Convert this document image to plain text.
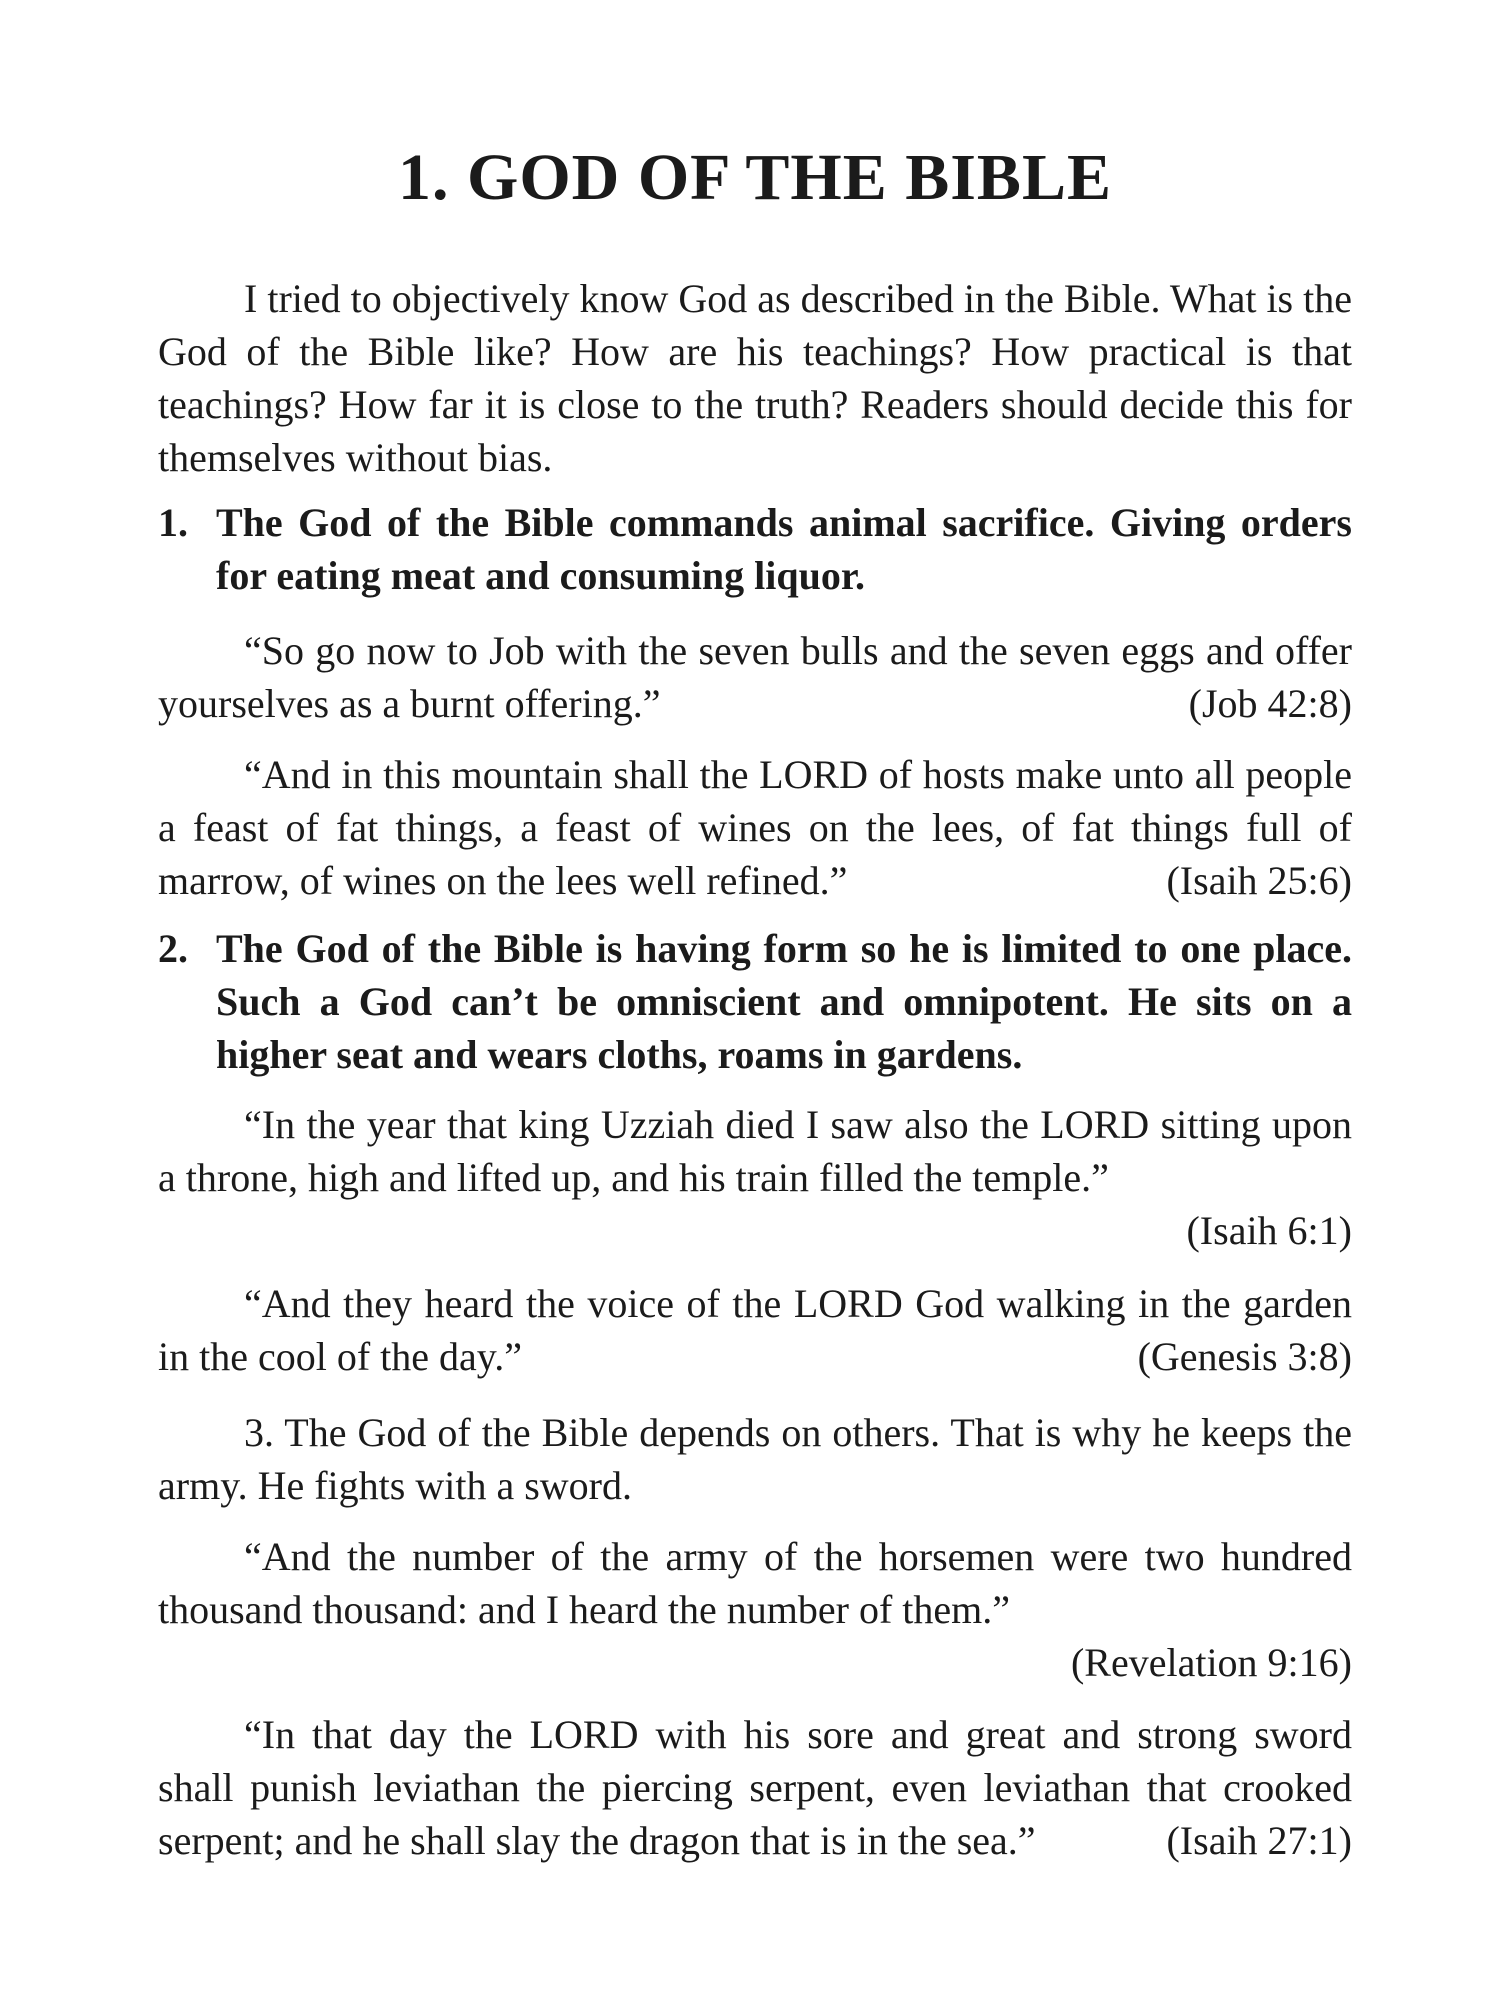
1. GOD OF THE BIBLE

I tried to objectively know God as described in the Bible. What is the God of the Bible like? How are his teachings? How practical is that teachings? How far it is close to the truth? Readers should decide this for themselves without bias.

1. The God of the Bible commands animal sacrifice. Giving orders for eating meat and consuming liquor.

“So go now to Job with the seven bulls and the seven eggs and offer yourselves as a burnt offering.”	(Job 42:8)

“And in this mountain shall the LORD of hosts make unto all people a feast of fat things, a feast of wines on the lees, of fat things full of marrow, of wines on the lees well refined.”	(Isaih 25:6)

2. The God of the Bible is having form so he is limited to one place. Such a God can’t be omniscient and omnipotent. He sits on a higher seat and wears cloths, roams in gardens.

“In the year that king Uzziah died I saw also the LORD sitting upon a throne, high and lifted up, and his train filled the temple.”
(Isaih 6:1)

“And they heard the voice of the LORD God walking in the garden in the cool of the day.”	(Genesis 3:8)

3. The God of the Bible depends on others. That is why he keeps the army. He fights with a sword.

“And the number of the army of the horsemen were two hundred thousand thousand: and I heard the number of them.”
(Revelation 9:16)

“In that day the LORD with his sore and great and strong sword shall punish leviathan the piercing serpent, even leviathan that crooked serpent; and he shall slay the dragon that is in the sea.”	(Isaih 27:1)
